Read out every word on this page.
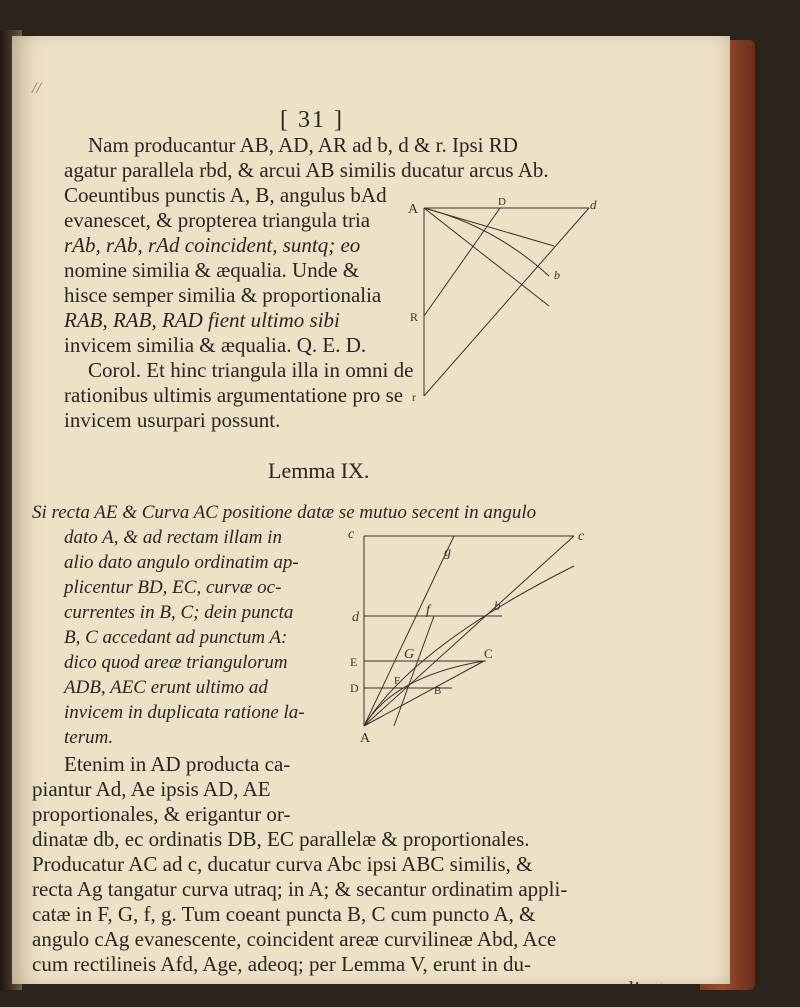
//
[ 31 ]
Nam producantur AB, AD, AR ad b, d & r. Ipsi RD
agatur parallela rbd, & arcui AB similis ducatur arcus Ab.
Coeuntibus punctis A, B, angulus bAd
evanescet, & propterea triangula tria
rAb, rAb, rAd coincident, suntq; eo
nomine similia & æqualia. Unde &
hisce semper similia & proportionalia
RAB, RAB, RAD fient ultimo sibi
invicem similia & æqualia. Q. E. D.
Corol. Et hinc triangula illa in omni de
rationibus ultimis argumentatione pro se
invicem usurpari possunt.
A	D	d
b
R
r
Lemma IX.
Si recta AE & Curva AC positione datæ se mutuo secent in angulo
dato A, & ad rectam illam in
alio dato angulo ordinatim ap-
plicentur BD, EC, curvæ oc-
currentes in B, C; dein puncta
B, C accedant ad punctum A:
dico quod areæ triangulorum
ADB, AEC erunt ultimo ad
invicem in duplicata ratione la-
terum.
c
d
E
D
A
g
f
G
F
b
B
C
c
Etenim in AD producta ca-
piantur Ad, Ae ipsis AD, AE
proportionales, & erigantur or-
dinatæ db, ec ordinatis DB, EC parallelæ & proportionales.
Producatur AC ad c, ducatur curva Abc ipsi ABC similis, &
recta Ag tangatur curva utraq; in A; & secantur ordinatim appli-
catæ in F, G, f, g. Tum coeant puncta B, C cum puncto A, &
angulo cAg evanescente, coincident areæ curvilineæ Abd, Ace
cum rectilineis Afd, Age, adeoq; per Lemma V, erunt in du-
plicata
